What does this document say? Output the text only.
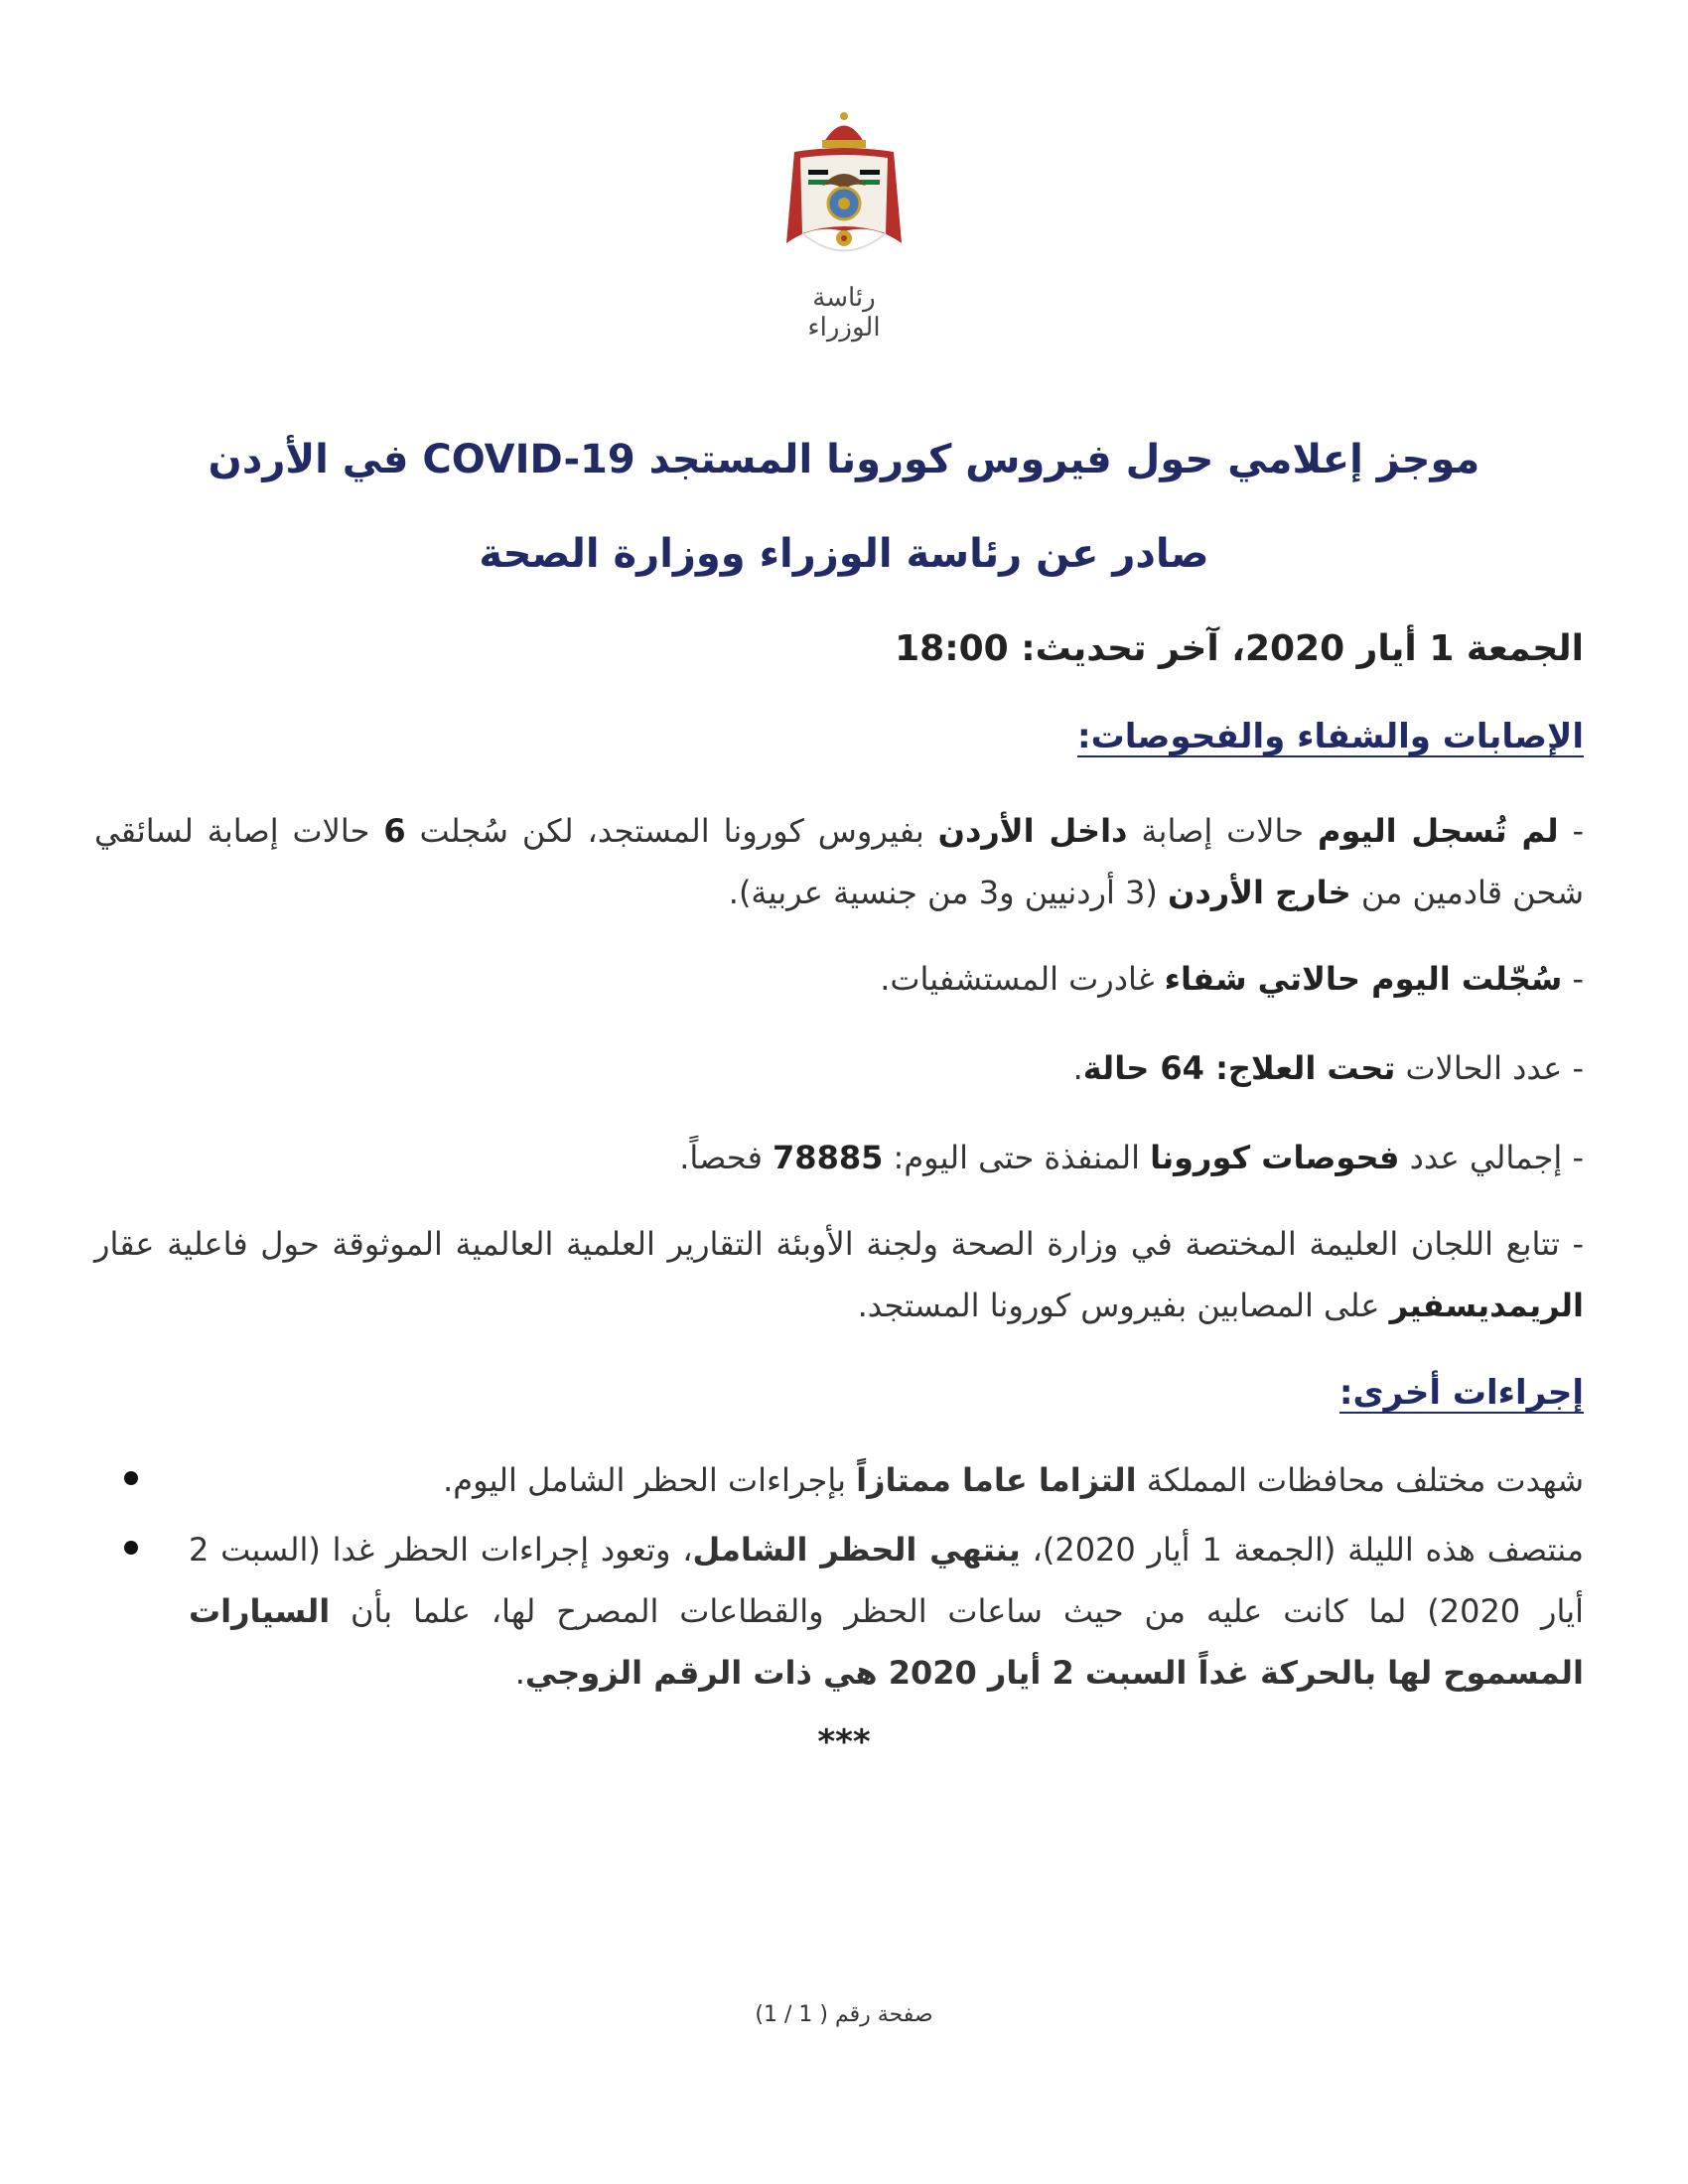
رئاسة الوزراء
موجز إعلامي حول فيروس كورونا المستجد COVID-19 في الأردن
صادر عن رئاسة الوزراء ووزارة الصحة
الجمعة 1 أيار 2020، آخر تحديث: 18:00
الإصابات والشفاء والفحوصات:

- لم تُسجل اليوم حالات إصابة داخل الأردن بفيروس كورونا المستجد، لكن سُجلت 6 حالات إصابة لسائقي شحن قادمين من خارج الأردن (3 أردنيين و3 من جنسية عربية).

- سُجّلت اليوم حالاتي شفاء غادرت المستشفيات.

- عدد الحالات تحت العلاج: 64 حالة.

- إجمالي عدد فحوصات كورونا المنفذة حتى اليوم: 78885 فحصاً.

- تتابع اللجان العليمة المختصة في وزارة الصحة ولجنة الأوبئة التقارير العلمية العالمية الموثوقة حول فاعلية عقار الريمديسفير على المصابين بفيروس كورونا المستجد.

إجراءات أخرى:
شهدت مختلف محافظات المملكة التزاما عاما ممتازاً بإجراءات الحظر الشامل اليوم.
منتصف هذه الليلة (الجمعة 1 أيار 2020)، ينتهي الحظر الشامل، وتعود إجراءات الحظر غدا (السبت 2 أيار 2020) لما كانت عليه من حيث ساعات الحظر والقطاعات المصرح لها، علما بأن السيارات المسموح لها بالحركة غداً السبت 2 أيار 2020 هي ذات الرقم الزوجي.
***
صفحة رقم ( 1 / 1)
